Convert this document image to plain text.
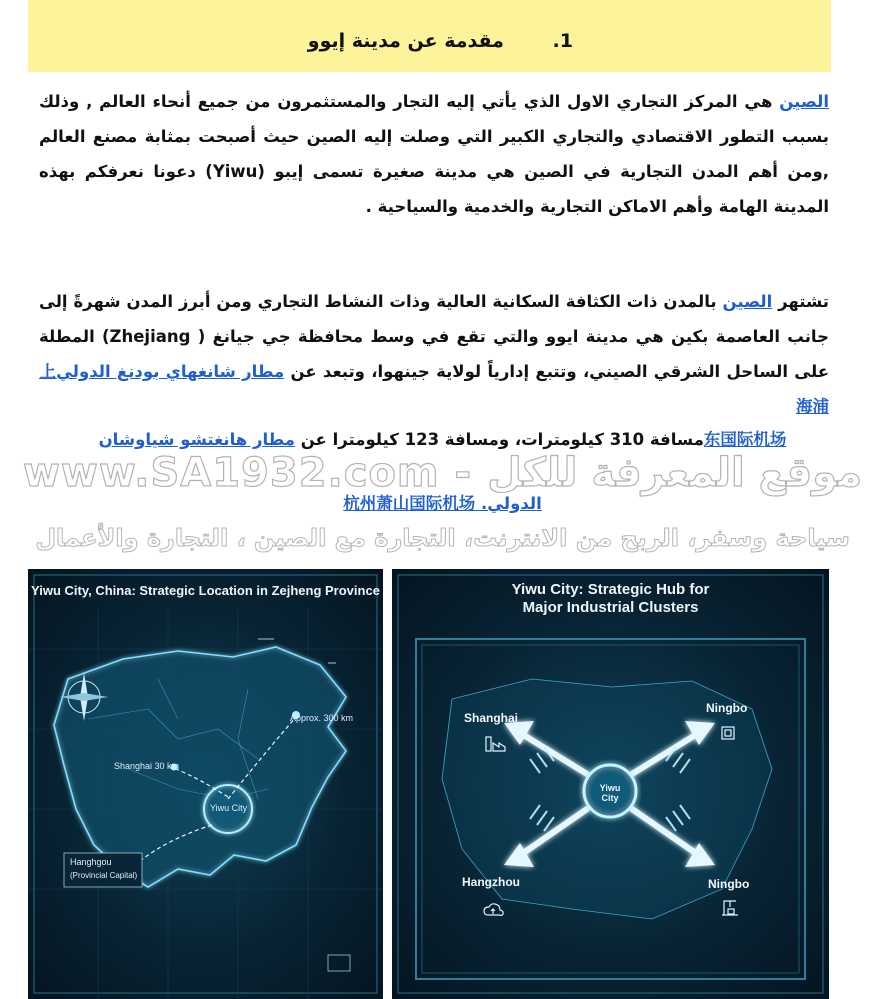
1. مقدمة عن مدينة إيوو

الصين هي المركز التجاري الاول الذي يأتي إليه التجار والمستثمرون من جميع أنحاء العالم , وذلك بسبب التطور الاقتصادي والتجاري الكبير التي وصلت إليه الصين حيث أصبحت بمثابة مصنع العالم ,ومن أهم المدن التجارية في الصين هي مدينة صغيرة تسمى إيبو (Yiwu) دعونا نعرفكم بهذه المدينة الهامة وأهم الاماكن التجارية والخدمية والسياحية .

تشتهر الصين بالمدن ذات الكثافة السكانية العالية وذات النشاط التجاري ومن أبرز المدن شهرةً إلى جانب العاصمة بكين هي مدينة ايوو والتي تقع في وسط محافظة جي جيانغ ( Zhejiang) المطلة على الساحل الشرقي الصيني، وتتبع إدارياً لولاية جينهوا، وتبعد عن مطار شانغهاي بودنغ الدولي上海浦

东国际机场مسافة 310 كيلومترات، ومسافة 123 كيلومترا عن مطار هانغتشو شياوشان
www.SA1932.com - موقع المعرفة للكل
الدولي. 杭州萧山国际机场
سياحة وسفر، الربح من الانترنت، التجارة مع الصين ، التجارة والأعمال
Yiwu City, China: Strategic Location in Zejheng Province
Approx. 300 km
Shanghai 30 km
Yiwu City
Hanghgou
(Provincial Capital)
Yiwu City: Strategic Hub for
Major Industrial Clusters
Yiwu City
Shanghai
Ningbo
Hangzhou	Ningbo
